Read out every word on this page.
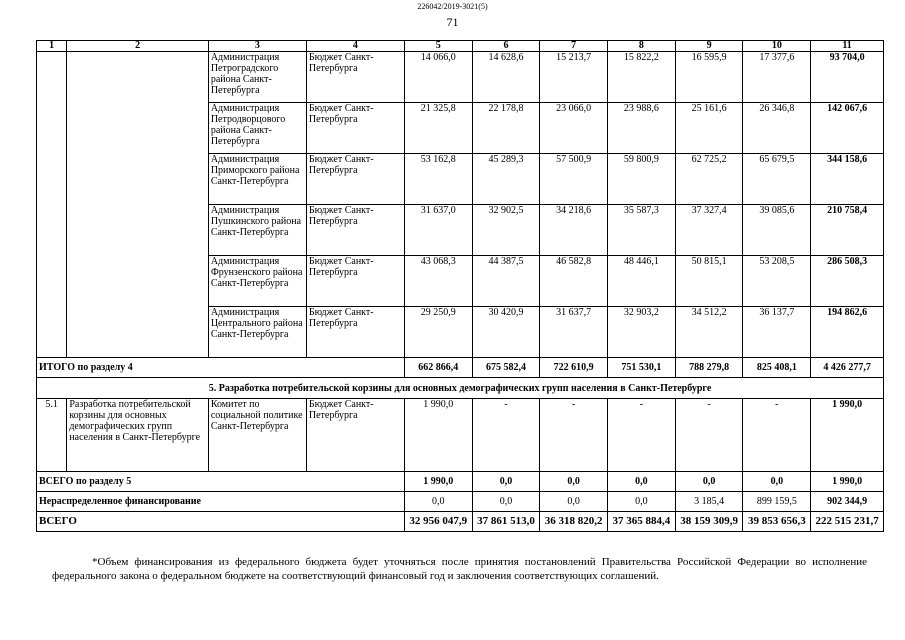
226042/2019-3021(5)
71
1	2	3	4	5	6	7	8	9	10	11
		Администрация Петроградского района Санкт-Петербурга	Бюджет Санкт-Петербурга	14 066,0	14 628,6	15 213,7	15 822,2	16 595,9	17 377,6	93 704,0
		Администрация Петродворцового района Санкт-Петербурга	Бюджет Санкт-Петербурга	21 325,8	22 178,8	23 066,0	23 988,6	25 161,6	26 346,8	142 067,6
		Администрация Приморского района Санкт-Петербурга	Бюджет Санкт-Петербурга	53 162,8	45 289,3	57 500,9	59 800,9	62 725,2	65 679,5	344 158,6
		Администрация Пушкинского района Санкт-Петербурга	Бюджет Санкт-Петербурга	31 637,0	32 902,5	34 218,6	35 587,3	37 327,4	39 085,6	210 758,4
		Администрация Фрунзенского района Санкт-Петербурга	Бюджет Санкт-Петербурга	43 068,3	44 387,5	46 582,8	48 446,1	50 815,1	53 208,5	286 508,3
		Администрация Центрального района Санкт-Петербурга	Бюджет Санкт-Петербурга	29 250,9	30 420,9	31 637,7	32 903,2	34 512,2	36 137,7	194 862,6
ИТОГО по разделу 4				662 866,4	675 582,4	722 610,9	751 530,1	788 279,8	825 408,1	4 426 277,7
5. Разработка потребительской корзины для основных демографических групп населения в Санкт-Петербурге										
5.1	Разработка потребительской корзины для основных демографических групп населения в Санкт-Петербурге	Комитет по социальной политике Санкт-Петербурга	Бюджет Санкт-Петербурга	1 990,0	-	-	-	-	-	1 990,0
ВСЕГО по разделу 5				1 990,0	0,0	0,0	0,0	0,0	0,0	1 990,0
Нераспределенное финансирование				0,0	0,0	0,0	0,0	3 185,4	899 159,5	902 344,9
ВСЕГО				32 956 047,9	37 861 513,0	36 318 820,2	37 365 884,4	38 159 309,9	39 853 656,3	222 515 231,7
*Объем финансирования из федерального бюджета будет уточняться после принятия постановлений Правительства Российской Федерации во исполнение федерального закона о федеральном бюджете на соответствующий финансовый год и заключения соответствующих соглашений.
